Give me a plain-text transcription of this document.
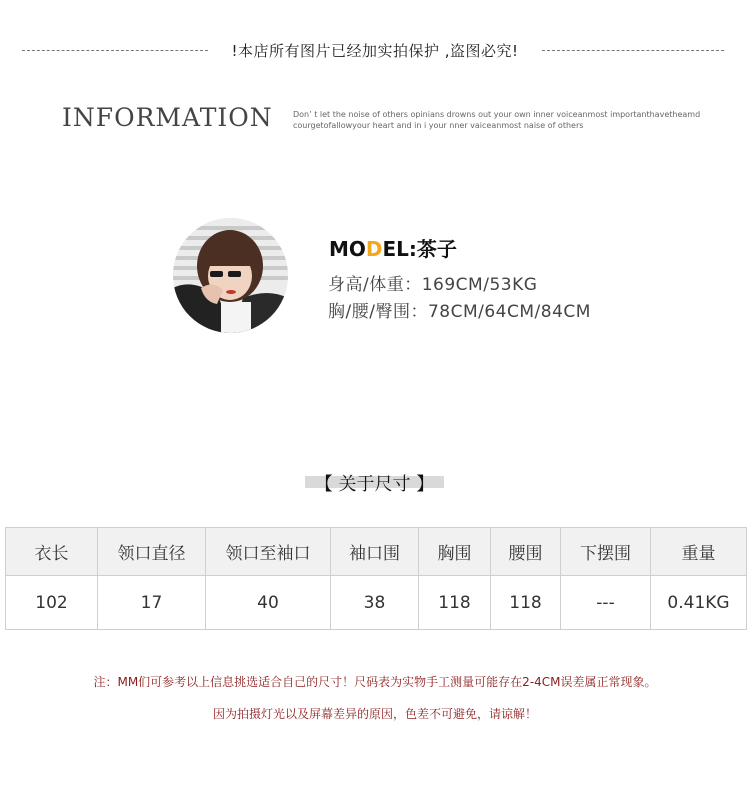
!本店所有图片已经加实拍保护 ,盗图必究!
INFORMATION	Don’ t let the noise of others opinians drowns out your own inner voiceanmost importanthavetheamd courgetofallowyour heart and in i your nner vaiceanmost naise of others
MODEL:茶子
身高/体重：169CM/53KG
胸/腰/臀围：78CM/64CM/84CM
【 关于尺寸 】
衣长	领口直径	领口至袖口	袖口围	胸围	腰围	下摆围	重量
102	17	40	38	118	118	---	0.41KG
注：MM们可参考以上信息挑选适合自己的尺寸！尺码表为实物手工测量可能存在2-4CM误差属正常现象。
因为拍摄灯光以及屏幕差异的原因，色差不可避免，请谅解！
